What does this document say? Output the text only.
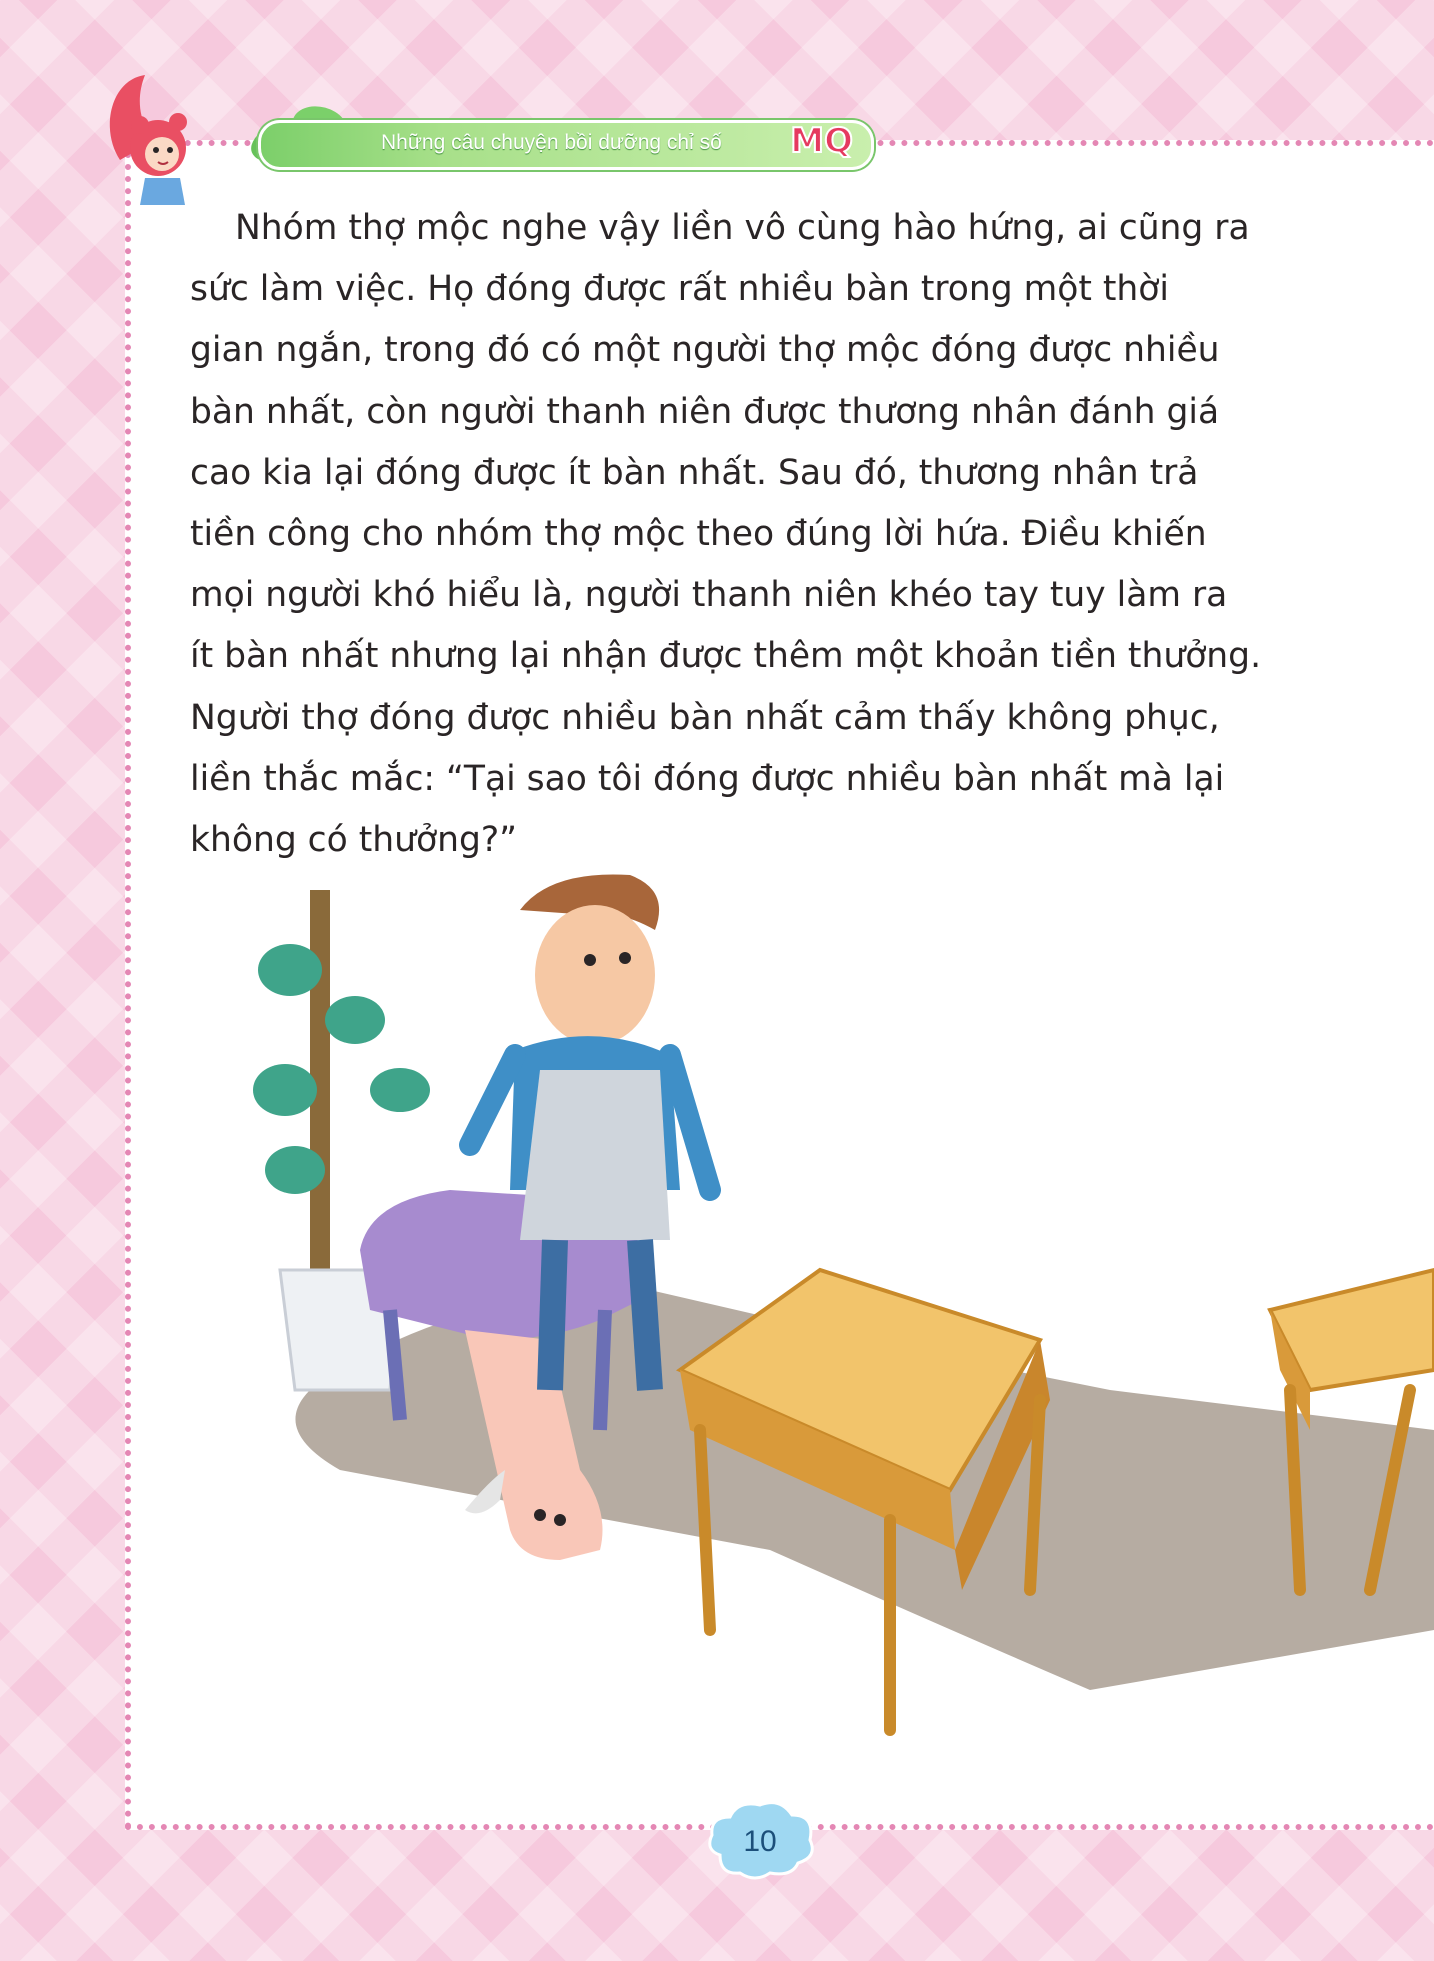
Những câu chuyện bồi dưỡng chỉ số MQ

Nhóm thợ mộc nghe vậy liền vô cùng hào hứng, ai cũng ra
sức làm việc. Họ đóng được rất nhiều bàn trong một thời
gian ngắn, trong đó có một người thợ mộc đóng được nhiều
bàn nhất, còn người thanh niên được thương nhân đánh giá
cao kia lại đóng được ít bàn nhất. Sau đó, thương nhân trả
tiền công cho nhóm thợ mộc theo đúng lời hứa. Điều khiến
mọi người khó hiểu là, người thanh niên khéo tay tuy làm ra
ít bàn nhất nhưng lại nhận được thêm một khoản tiền thưởng.
Người thợ đóng được nhiều bàn nhất cảm thấy không phục,
liền thắc mắc: “Tại sao tôi đóng được nhiều bàn nhất mà lại
không có thưởng?”

10
